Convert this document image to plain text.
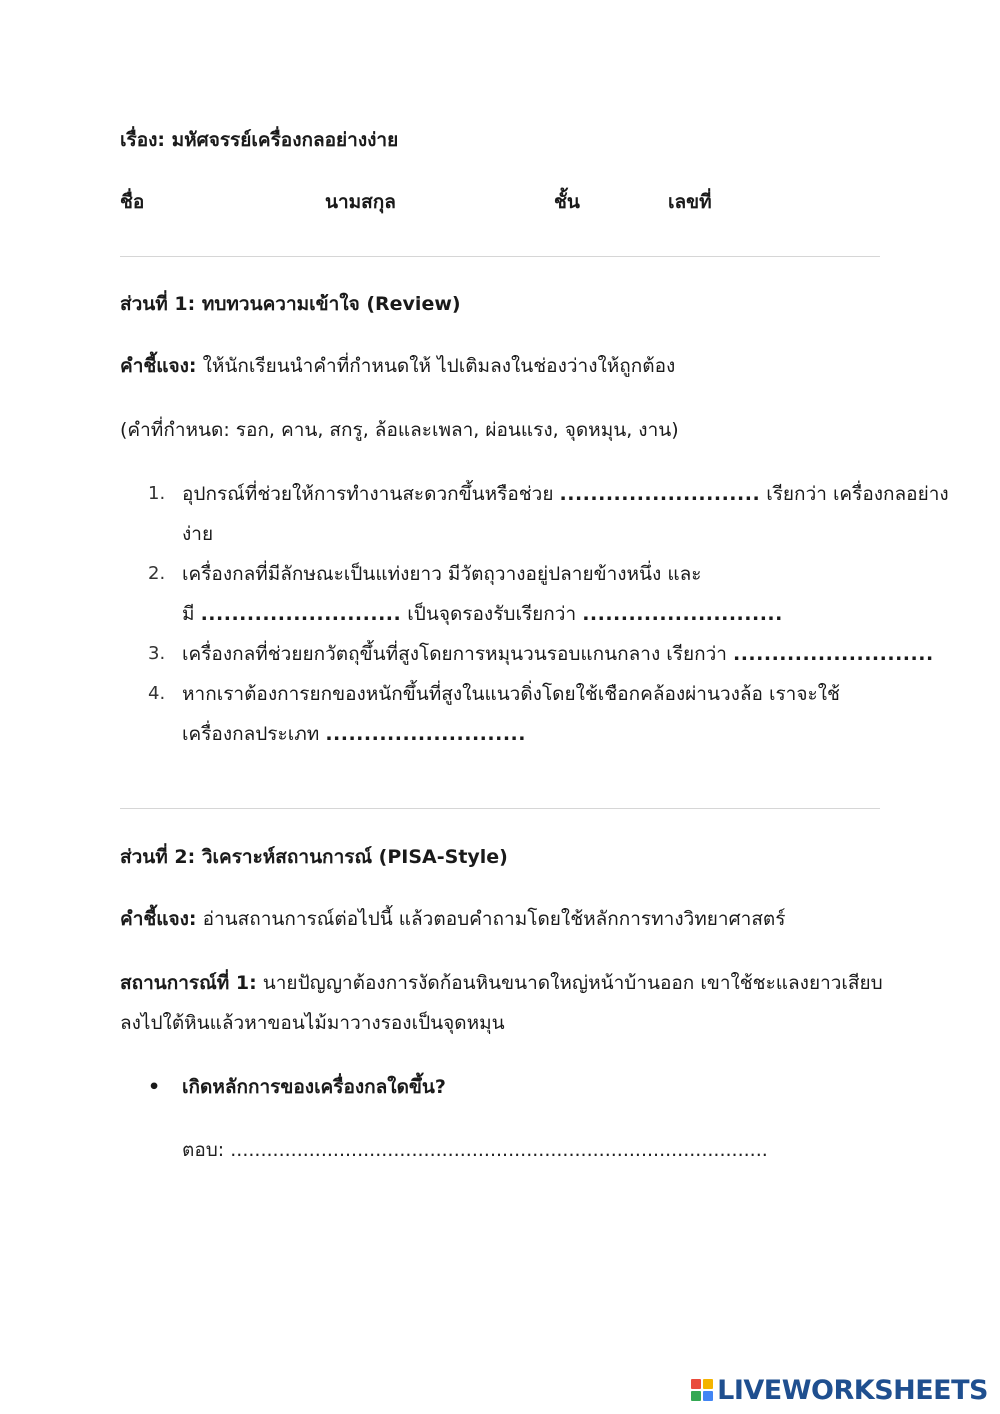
เรื่อง: มหัศจรรย์เครื่องกลอย่างง่าย
ชื่อ	นามสกุล	ชั้น	เลขที่
ส่วนที่ 1: ทบทวนความเข้าใจ (Review)
คำชี้แจง: ให้นักเรียนนำคำที่กำหนดให้ ไปเติมลงในช่องว่างให้ถูกต้อง
(คำที่กำหนด: รอก, คาน, สกรู, ล้อและเพลา, ผ่อนแรง, จุดหมุน, งาน)
1. อุปกรณ์ที่ช่วยให้การทำงานสะดวกขึ้นหรือช่วย .......................... เรียกว่า เครื่องกลอย่าง
ง่าย
2. เครื่องกลที่มีลักษณะเป็นแท่งยาว มีวัตถุวางอยู่ปลายข้างหนึ่ง และ
มี .......................... เป็นจุดรองรับเรียกว่า ..........................
3. เครื่องกลที่ช่วยยกวัตถุขึ้นที่สูงโดยการหมุนวนรอบแกนกลาง เรียกว่า ..........................
4. หากเราต้องการยกของหนักขึ้นที่สูงในแนวดิ่งโดยใช้เชือกคล้องผ่านวงล้อ เราจะใช้
เครื่องกลประเภท ..........................
ส่วนที่ 2: วิเคราะห์สถานการณ์ (PISA-Style)
คำชี้แจง: อ่านสถานการณ์ต่อไปนี้ แล้วตอบคำถามโดยใช้หลักการทางวิทยาศาสตร์
สถานการณ์ที่ 1: นายปัญญาต้องการงัดก้อนหินขนาดใหญ่หน้าบ้านออก เขาใช้ชะแลงยาวเสียบ
ลงไปใต้หินแล้วหาขอนไม้มาวางรองเป็นจุดหมุน
• เกิดหลักการของเครื่องกลใดขึ้น?
ตอบ: .........................................................................................
LIVEWORKSHEETS
